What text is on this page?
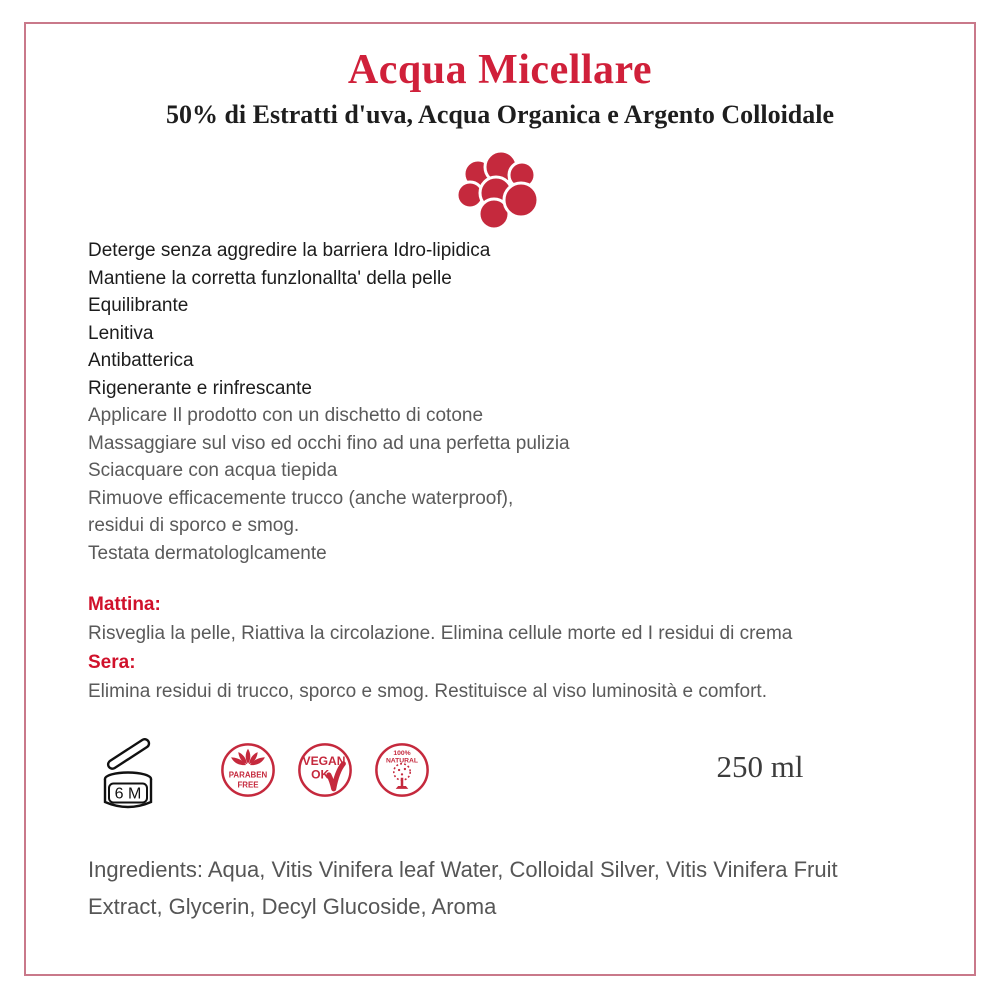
Acqua Micellare
50% di Estratti d'uva, Acqua Organica e Argento Colloidale
Deterge senza aggredire la barriera Idro-lipidica
Mantiene la corretta funzlonallta' della pelle
Equilibrante
Lenitiva
Antibatterica
Rigenerante e rinfrescante
Applicare Il prodotto con un dischetto di cotone
Massaggiare sul viso ed occhi fino ad una perfetta pulizia
Sciacquare con acqua tiepida
Rimuove efficacemente trucco (anche waterproof),
residui di sporco e smog.
Testata dermatologlcamente
Mattina:
Risveglia la pelle, Riattiva la circolazione. Elimina cellule morte ed I residui di crema
Sera:
Elimina residui di trucco, sporco e smog. Restituisce al viso luminosità e comfort.
6 M
PARABEN
FREE
VEGAN
OK
100%
NATURAL	250 ml
Ingredients: Aqua, Vitis Vinifera leaf Water, Colloidal Silver, Vitis Vinifera Fruit Extract, Glycerin, Decyl Glucoside, Aroma
